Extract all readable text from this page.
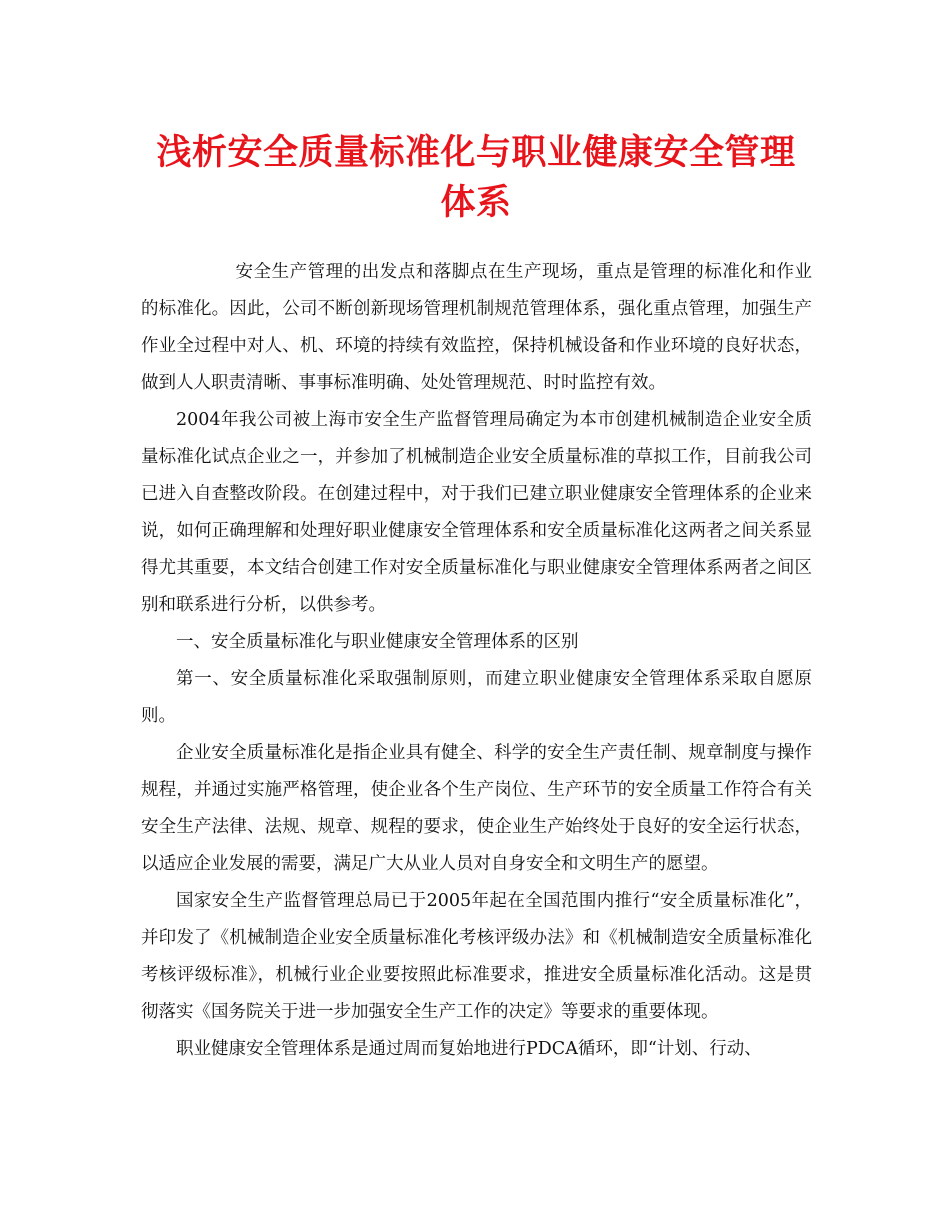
浅析安全质量标准化与职业健康安全管理体系

安全生产管理的出发点和落脚点在生产现场，重点是管理的标准化和作业的标准化。因此，公司不断创新现场管理机制规范管理体系，强化重点管理，加强生产作业全过程中对人、机、环境的持续有效监控，保持机械设备和作业环境的良好状态，做到人人职责清晰、事事标准明确、处处管理规范、时时监控有效。

2004年我公司被上海市安全生产监督管理局确定为本市创建机械制造企业安全质量标准化试点企业之一，并参加了机械制造企业安全质量标准的草拟工作，目前我公司已进入自查整改阶段。在创建过程中，对于我们已建立职业健康安全管理体系的企业来说，如何正确理解和处理好职业健康安全管理体系和安全质量标准化这两者之间关系显得尤其重要，本文结合创建工作对安全质量标准化与职业健康安全管理体系两者之间区别和联系进行分析，以供参考。

一、安全质量标准化与职业健康安全管理体系的区别

第一、安全质量标准化采取强制原则，而建立职业健康安全管理体系采取自愿原则。

企业安全质量标准化是指企业具有健全、科学的安全生产责任制、规章制度与操作规程，并通过实施严格管理，使企业各个生产岗位、生产环节的安全质量工作符合有关安全生产法律、法规、规章、规程的要求，使企业生产始终处于良好的安全运行状态，以适应企业发展的需要，满足广大从业人员对自身安全和文明生产的愿望。

国家安全生产监督管理总局已于2005年起在全国范围内推行“安全质量标准化”，并印发了《机械制造企业安全质量标准化考核评级办法》和《机械制造安全质量标准化考核评级标准》，机械行业企业要按照此标准要求，推进安全质量标准化活动。这是贯彻落实《国务院关于进一步加强安全生产工作的决定》等要求的重要体现。

职业健康安全管理体系是通过周而复始地进行PDCA循环，即“计划、行动、
